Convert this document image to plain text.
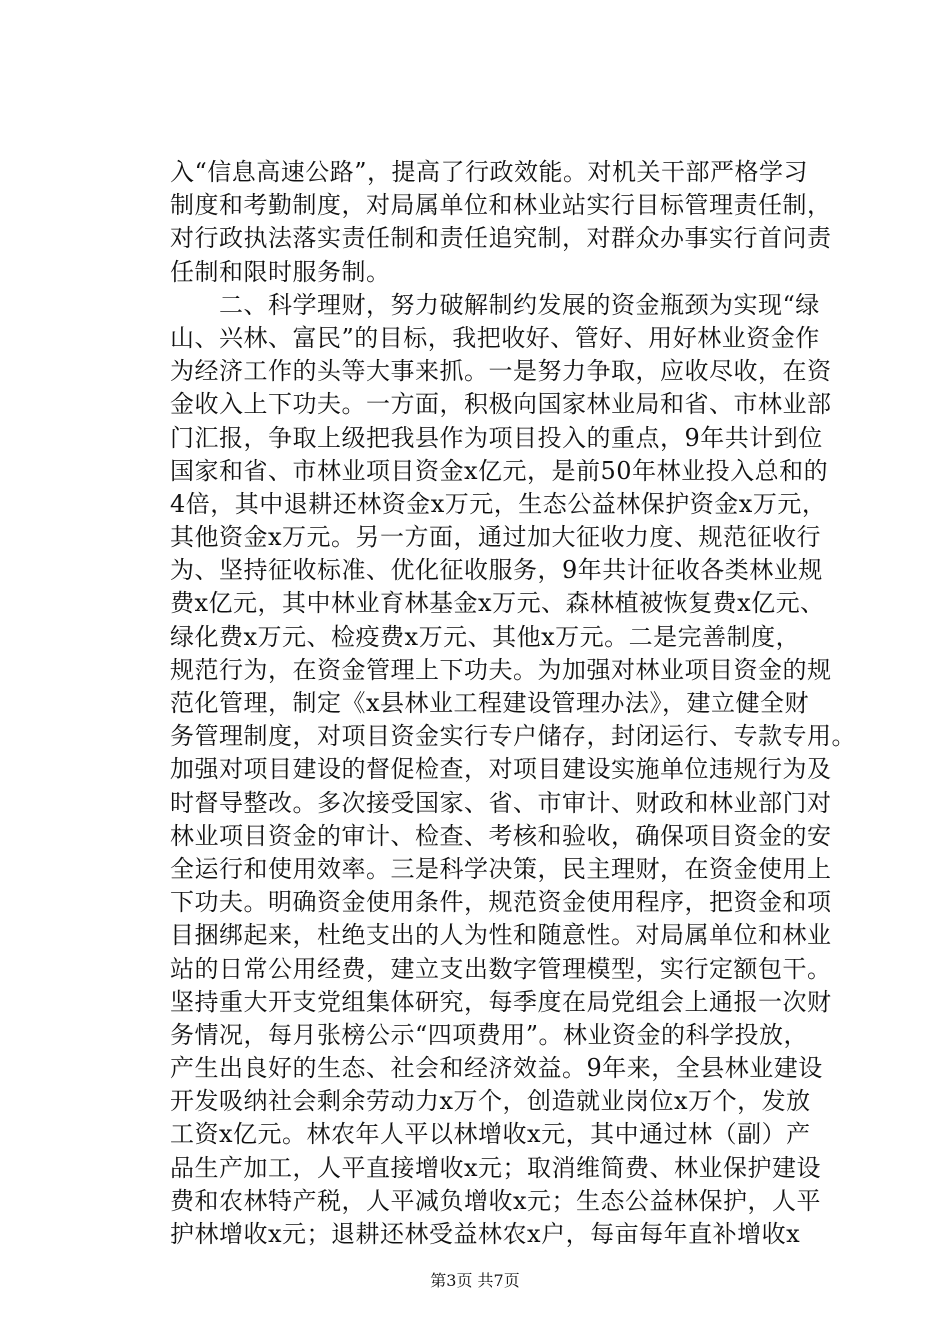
入“信息高速公路”，提高了行政效能。对机关干部严格学习
制度和考勤制度，对局属单位和林业站实行目标管理责任制，
对行政执法落实责任制和责任追究制，对群众办事实行首问责
任制和限时服务制。
　　二、科学理财，努力破解制约发展的资金瓶颈为实现“绿
山、兴林、富民”的目标，我把收好、管好、用好林业资金作
为经济工作的头等大事来抓。一是努力争取，应收尽收，在资
金收入上下功夫。一方面，积极向国家林业局和省、市林业部
门汇报，争取上级把我县作为项目投入的重点，9年共计到位
国家和省、市林业项目资金x亿元，是前50年林业投入总和的
4倍，其中退耕还林资金x万元，生态公益林保护资金x万元，
其他资金x万元。另一方面，通过加大征收力度、规范征收行
为、坚持征收标准、优化征收服务，9年共计征收各类林业规
费x亿元，其中林业育林基金x万元、森林植被恢复费x亿元、
绿化费x万元、检疫费x万元、其他x万元。二是完善制度，
规范行为，在资金管理上下功夫。为加强对林业项目资金的规
范化管理，制定《x县林业工程建设管理办法》，建立健全财
务管理制度，对项目资金实行专户储存，封闭运行、专款专用。
加强对项目建设的督促检查，对项目建设实施单位违规行为及
时督导整改。多次接受国家、省、市审计、财政和林业部门对
林业项目资金的审计、检查、考核和验收，确保项目资金的安
全运行和使用效率。三是科学决策，民主理财，在资金使用上
下功夫。明确资金使用条件，规范资金使用程序，把资金和项
目捆绑起来，杜绝支出的人为性和随意性。对局属单位和林业
站的日常公用经费，建立支出数字管理模型，实行定额包干。
坚持重大开支党组集体研究，每季度在局党组会上通报一次财
务情况，每月张榜公示“四项费用”。林业资金的科学投放，
产生出良好的生态、社会和经济效益。9年来，全县林业建设
开发吸纳社会剩余劳动力x万个，创造就业岗位x万个，发放
工资x亿元。林农年人平以林增收x元，其中通过林（副）产
品生产加工，人平直接增收x元；取消维简费、林业保护建设
费和农林特产税，人平减负增收x元；生态公益林保护，人平
护林增收x元；退耕还林受益林农x户，每亩每年直补增收x
第3页 共7页
